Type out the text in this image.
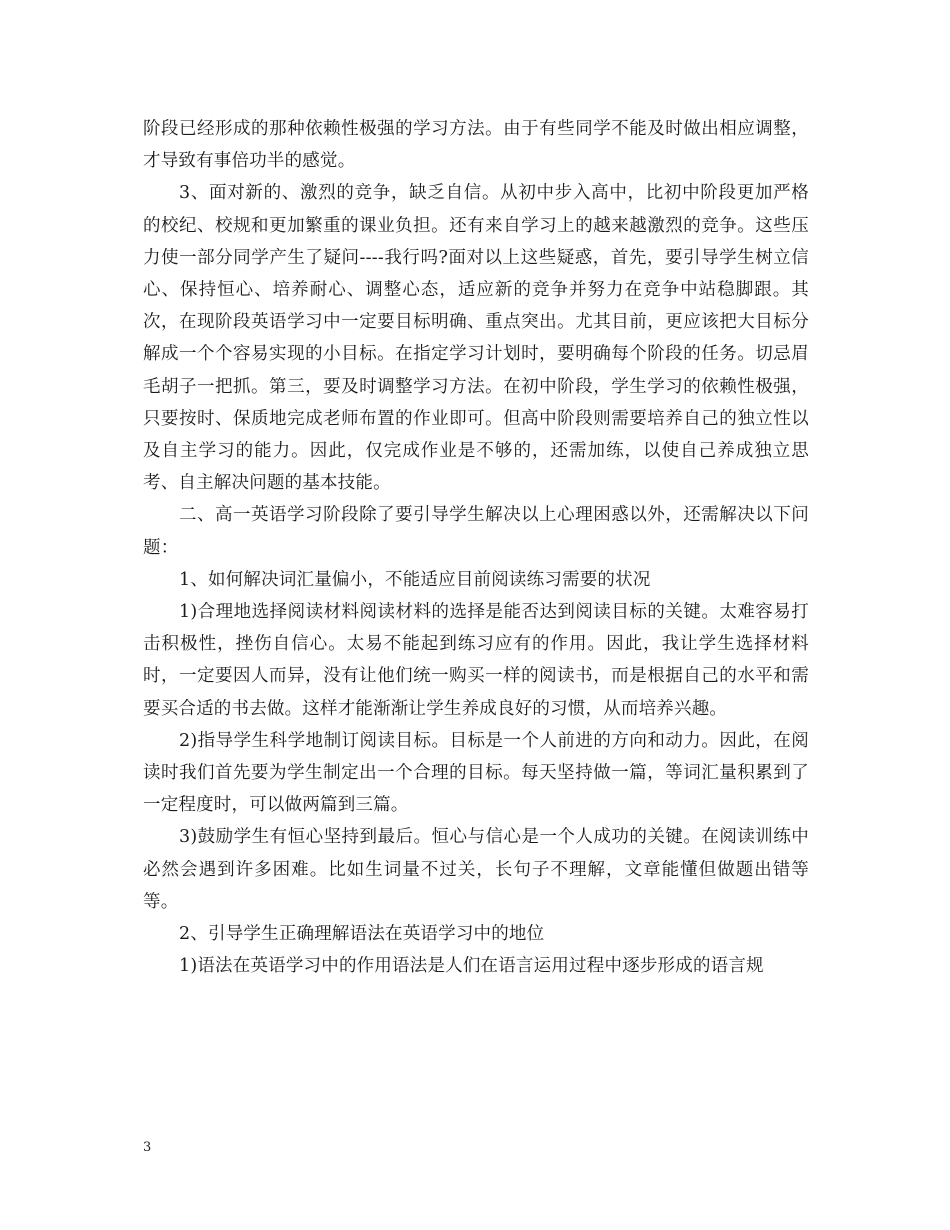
阶段已经形成的那种依赖性极强的学习方法。由于有些同学不能及时做出相应调整，才导致有事倍功半的感觉。

3、面对新的、激烈的竞争，缺乏自信。从初中步入高中，比初中阶段更加严格的校纪、校规和更加繁重的课业负担。还有来自学习上的越来越激烈的竞争。这些压力使一部分同学产生了疑问----我行吗?面对以上这些疑惑，首先，要引导学生树立信心、保持恒心、培养耐心、调整心态，适应新的竞争并努力在竞争中站稳脚跟。其次，在现阶段英语学习中一定要目标明确、重点突出。尤其目前，更应该把大目标分解成一个个容易实现的小目标。在指定学习计划时，要明确每个阶段的任务。切忌眉毛胡子一把抓。第三，要及时调整学习方法。在初中阶段，学生学习的依赖性极强，只要按时、保质地完成老师布置的作业即可。但高中阶段则需要培养自己的独立性以及自主学习的能力。因此，仅完成作业是不够的，还需加练，以使自己养成独立思考、自主解决问题的基本技能。

二、高一英语学习阶段除了要引导学生解决以上心理困惑以外，还需解决以下问题：

1、如何解决词汇量偏小，不能适应目前阅读练习需要的状况

1)合理地选择阅读材料阅读材料的选择是能否达到阅读目标的关键。太难容易打击积极性，挫伤自信心。太易不能起到练习应有的作用。因此，我让学生选择材料时，一定要因人而异，没有让他们统一购买一样的阅读书，而是根据自己的水平和需要买合适的书去做。这样才能渐渐让学生养成良好的习惯，从而培养兴趣。

2)指导学生科学地制订阅读目标。目标是一个人前进的方向和动力。因此，在阅读时我们首先要为学生制定出一个合理的目标。每天坚持做一篇，等词汇量积累到了一定程度时，可以做两篇到三篇。

3)鼓励学生有恒心坚持到最后。恒心与信心是一个人成功的关键。在阅读训练中必然会遇到许多困难。比如生词量不过关，长句子不理解，文章能懂但做题出错等等。

2、引导学生正确理解语法在英语学习中的地位

1)语法在英语学习中的作用语法是人们在语言运用过程中逐步形成的语言规

3
